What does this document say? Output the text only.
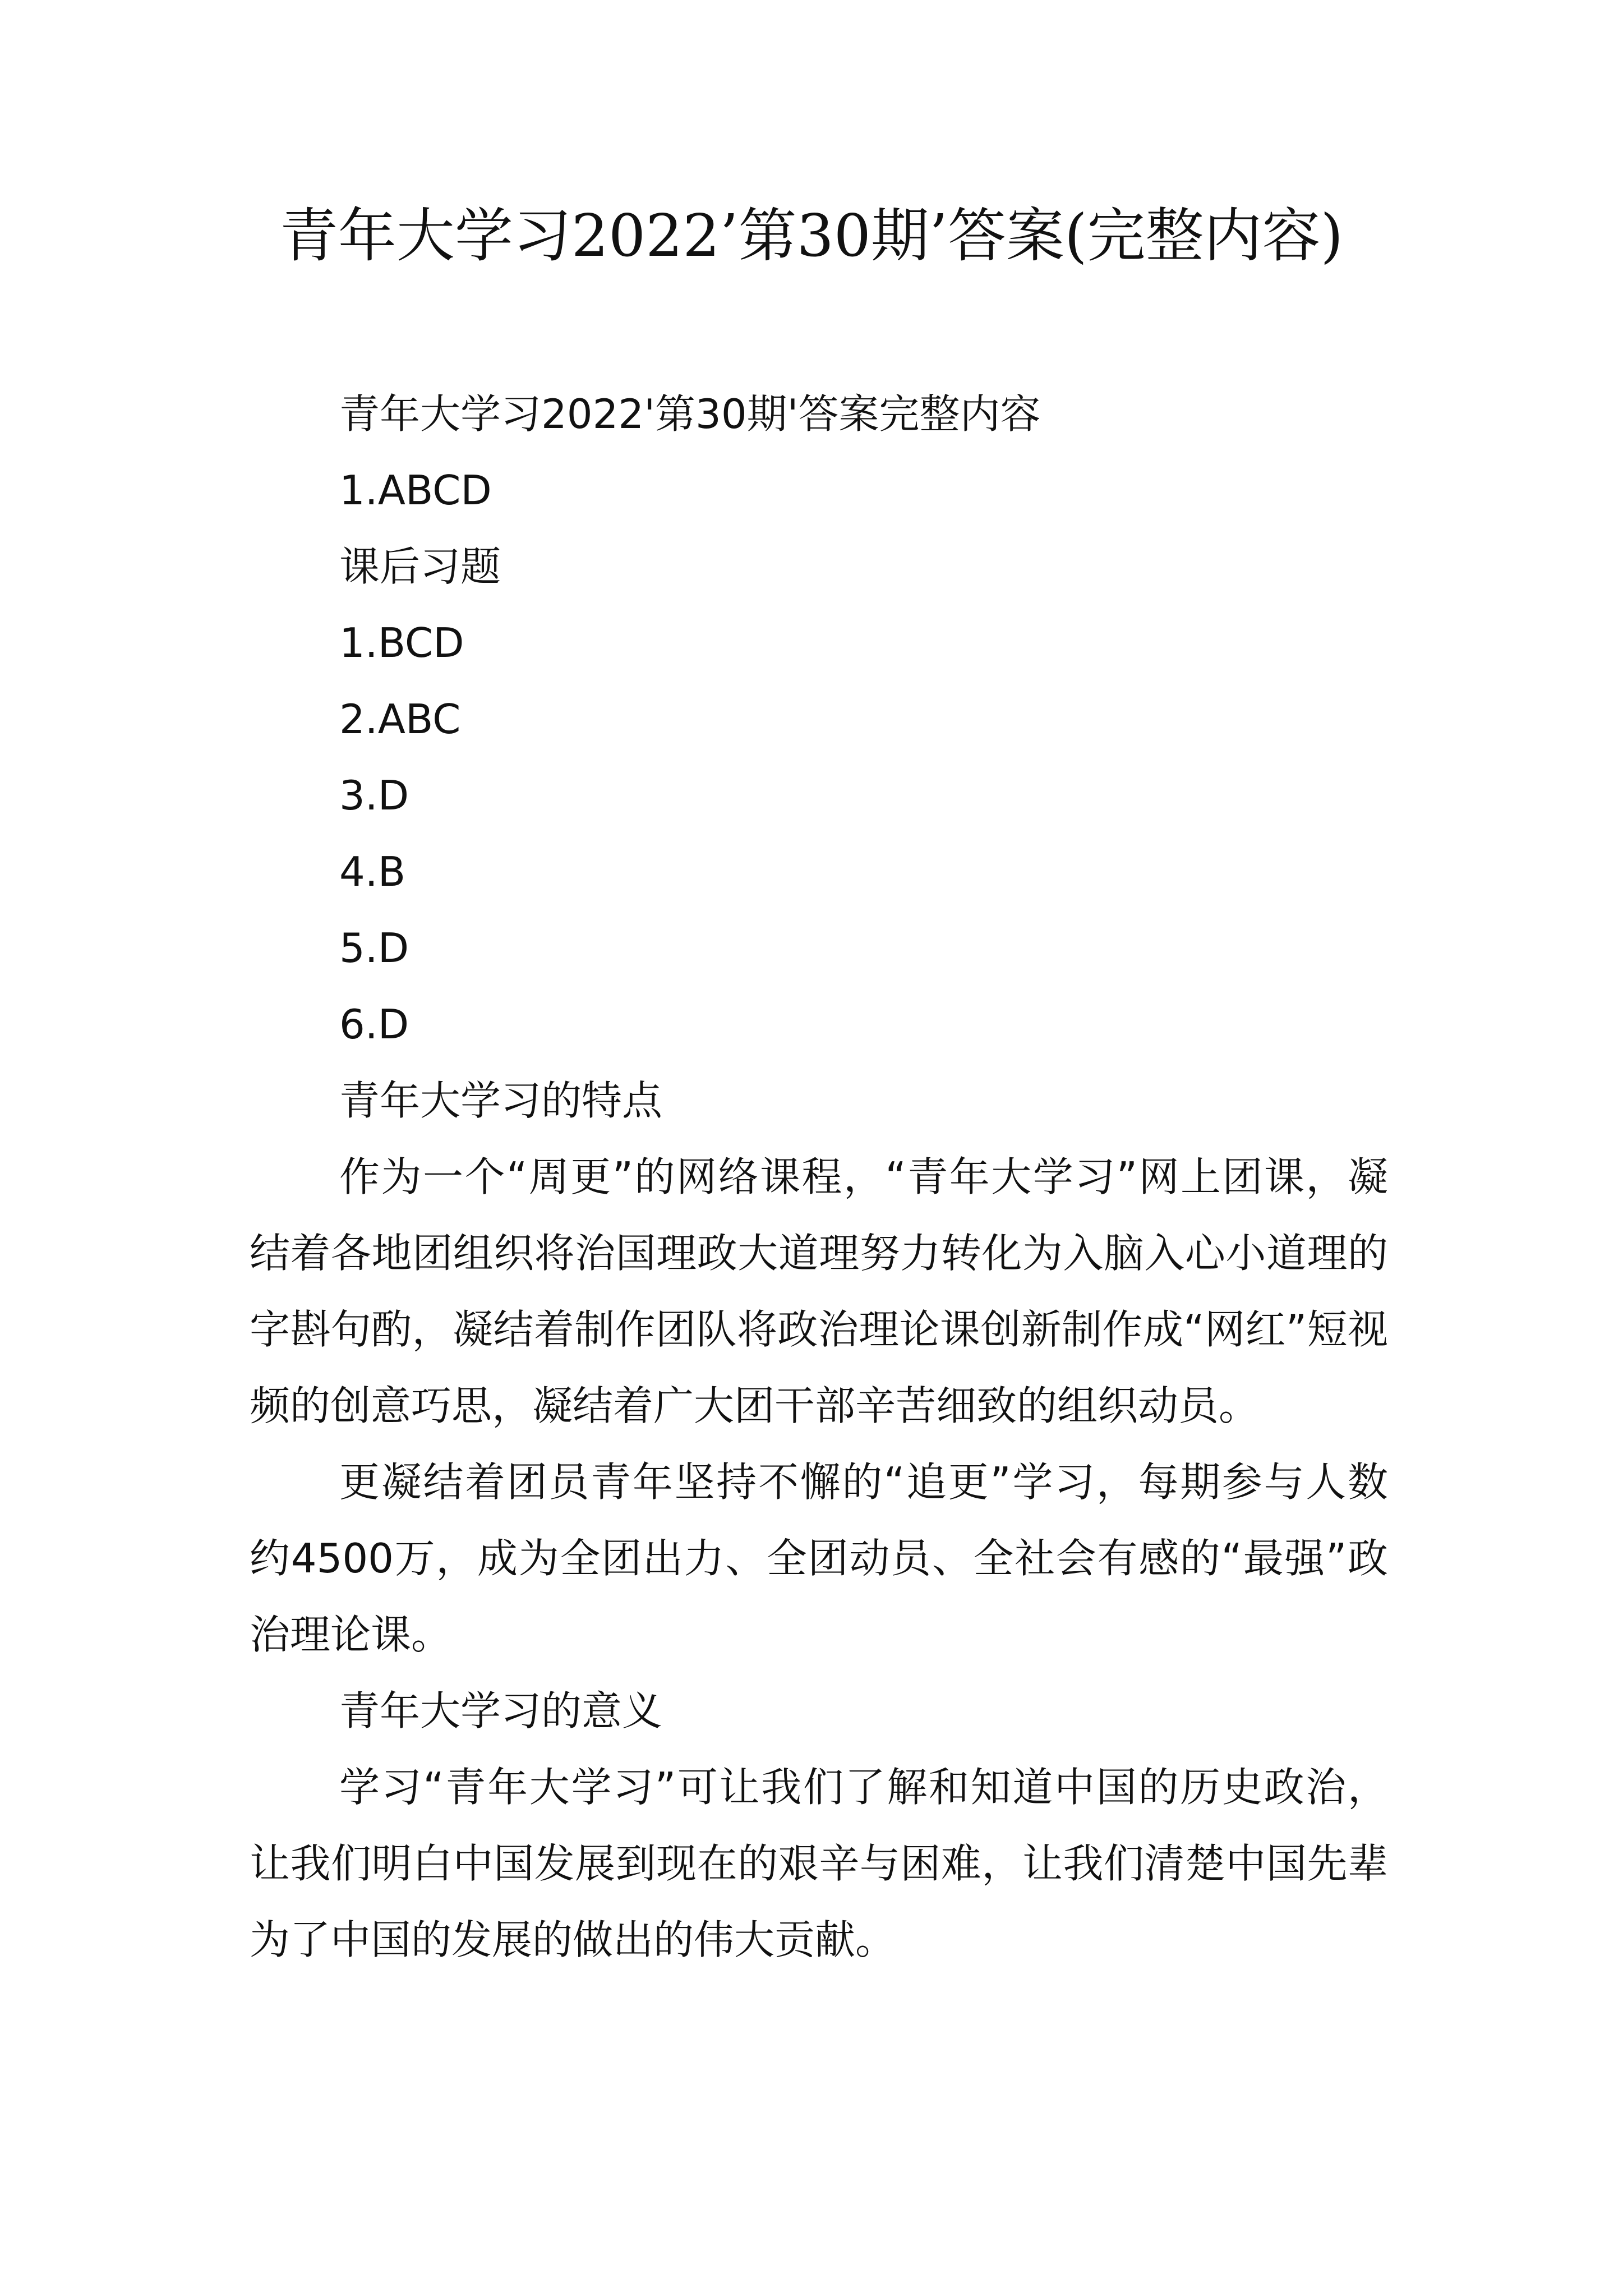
青年大学习2022’第30期’答案(完整内容)

青年大学习2022'第30期'答案完整内容

1.ABCD

课后习题

1.BCD

2.ABC

3.D

4.B

5.D

6.D

青年大学习的特点

作为一个“周更”的网络课程，“青年大学习”网上团课，凝结着各地团组织将治国理政大道理努力转化为入脑入心小道理的字斟句酌，凝结着制作团队将政治理论课创新制作成“网红”短视频的创意巧思，凝结着广大团干部辛苦细致的组织动员。

更凝结着团员青年坚持不懈的“追更”学习，每期参与人数约4500万，成为全团出力、全团动员、全社会有感的“最强”政治理论课。

青年大学习的意义

学习“青年大学习”可让我们了解和知道中国的历史政治，让我们明白中国发展到现在的艰辛与困难，让我们清楚中国先辈为了中国的发展的做出的伟大贡献。
